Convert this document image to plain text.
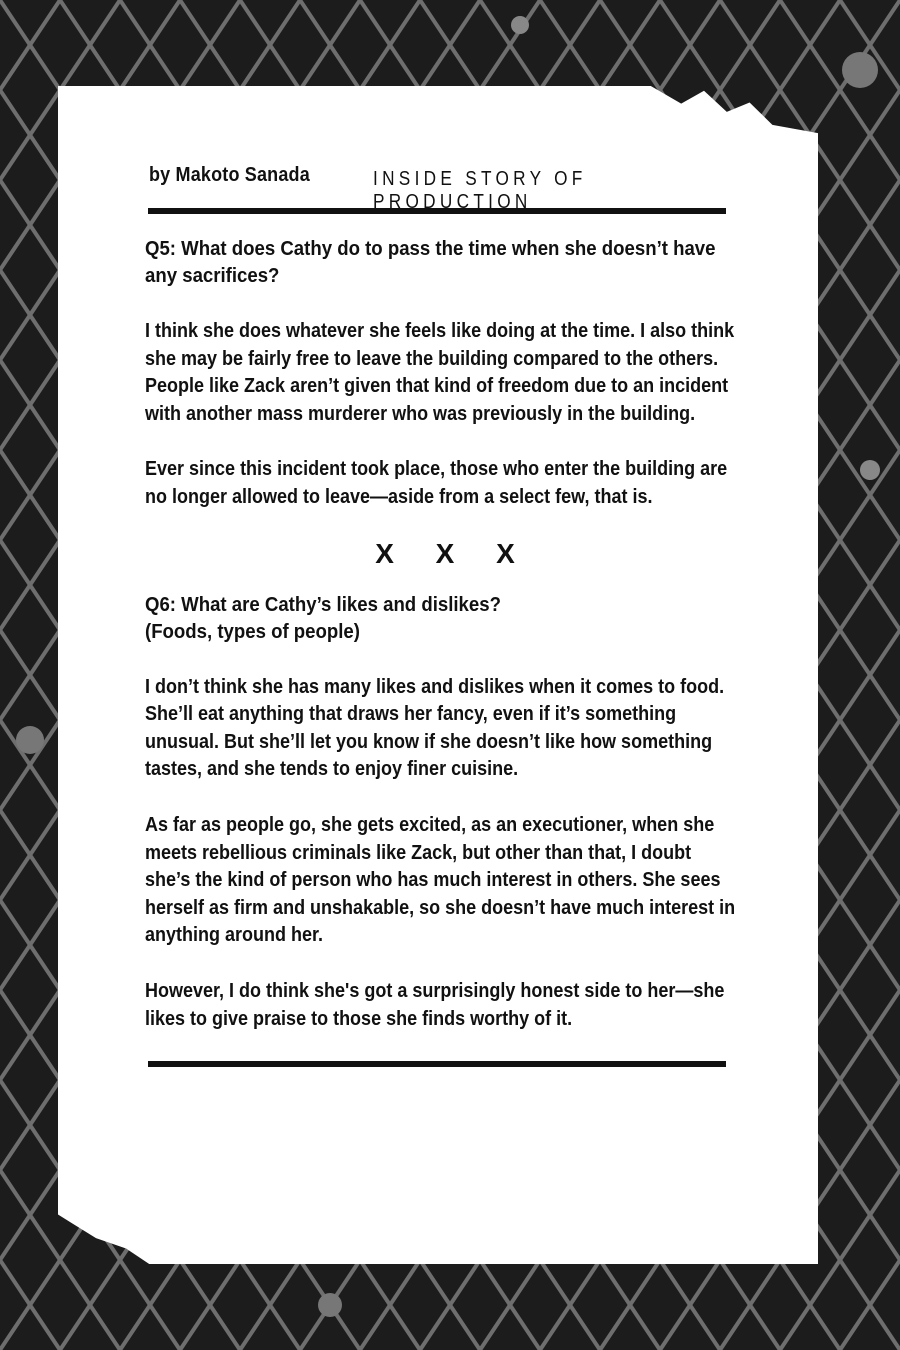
by Makoto Sanada	INSIDE STORY OF PRODUCTION
Q5: What does Cathy do to pass the time when she doesn’t have any sacrifices?
I think she does whatever she feels like doing at the time. I also think she may be fairly free to leave the building compared to the others. People like Zack aren’t given that kind of freedom due to an incident with another mass murderer who was previously in the building.
Ever since this incident took place, those who enter the building are no longer allowed to leave—aside from a select few, that is.
X X X
Q6: What are Cathy’s likes and dislikes?
(Foods, types of people)
I don’t think she has many likes and dislikes when it comes to food. She’ll eat anything that draws her fancy, even if it’s something unusual. But she’ll let you know if she doesn’t like how something tastes, and she tends to enjoy finer cuisine.
As far as people go, she gets excited, as an executioner, when she meets rebellious criminals like Zack, but other than that, I doubt she’s the kind of person who has much interest in others. She sees herself as firm and unshakable, so she doesn’t have much interest in anything around her.
However, I do think she's got a surprisingly honest side to her—she likes to give praise to those she finds worthy of it.
